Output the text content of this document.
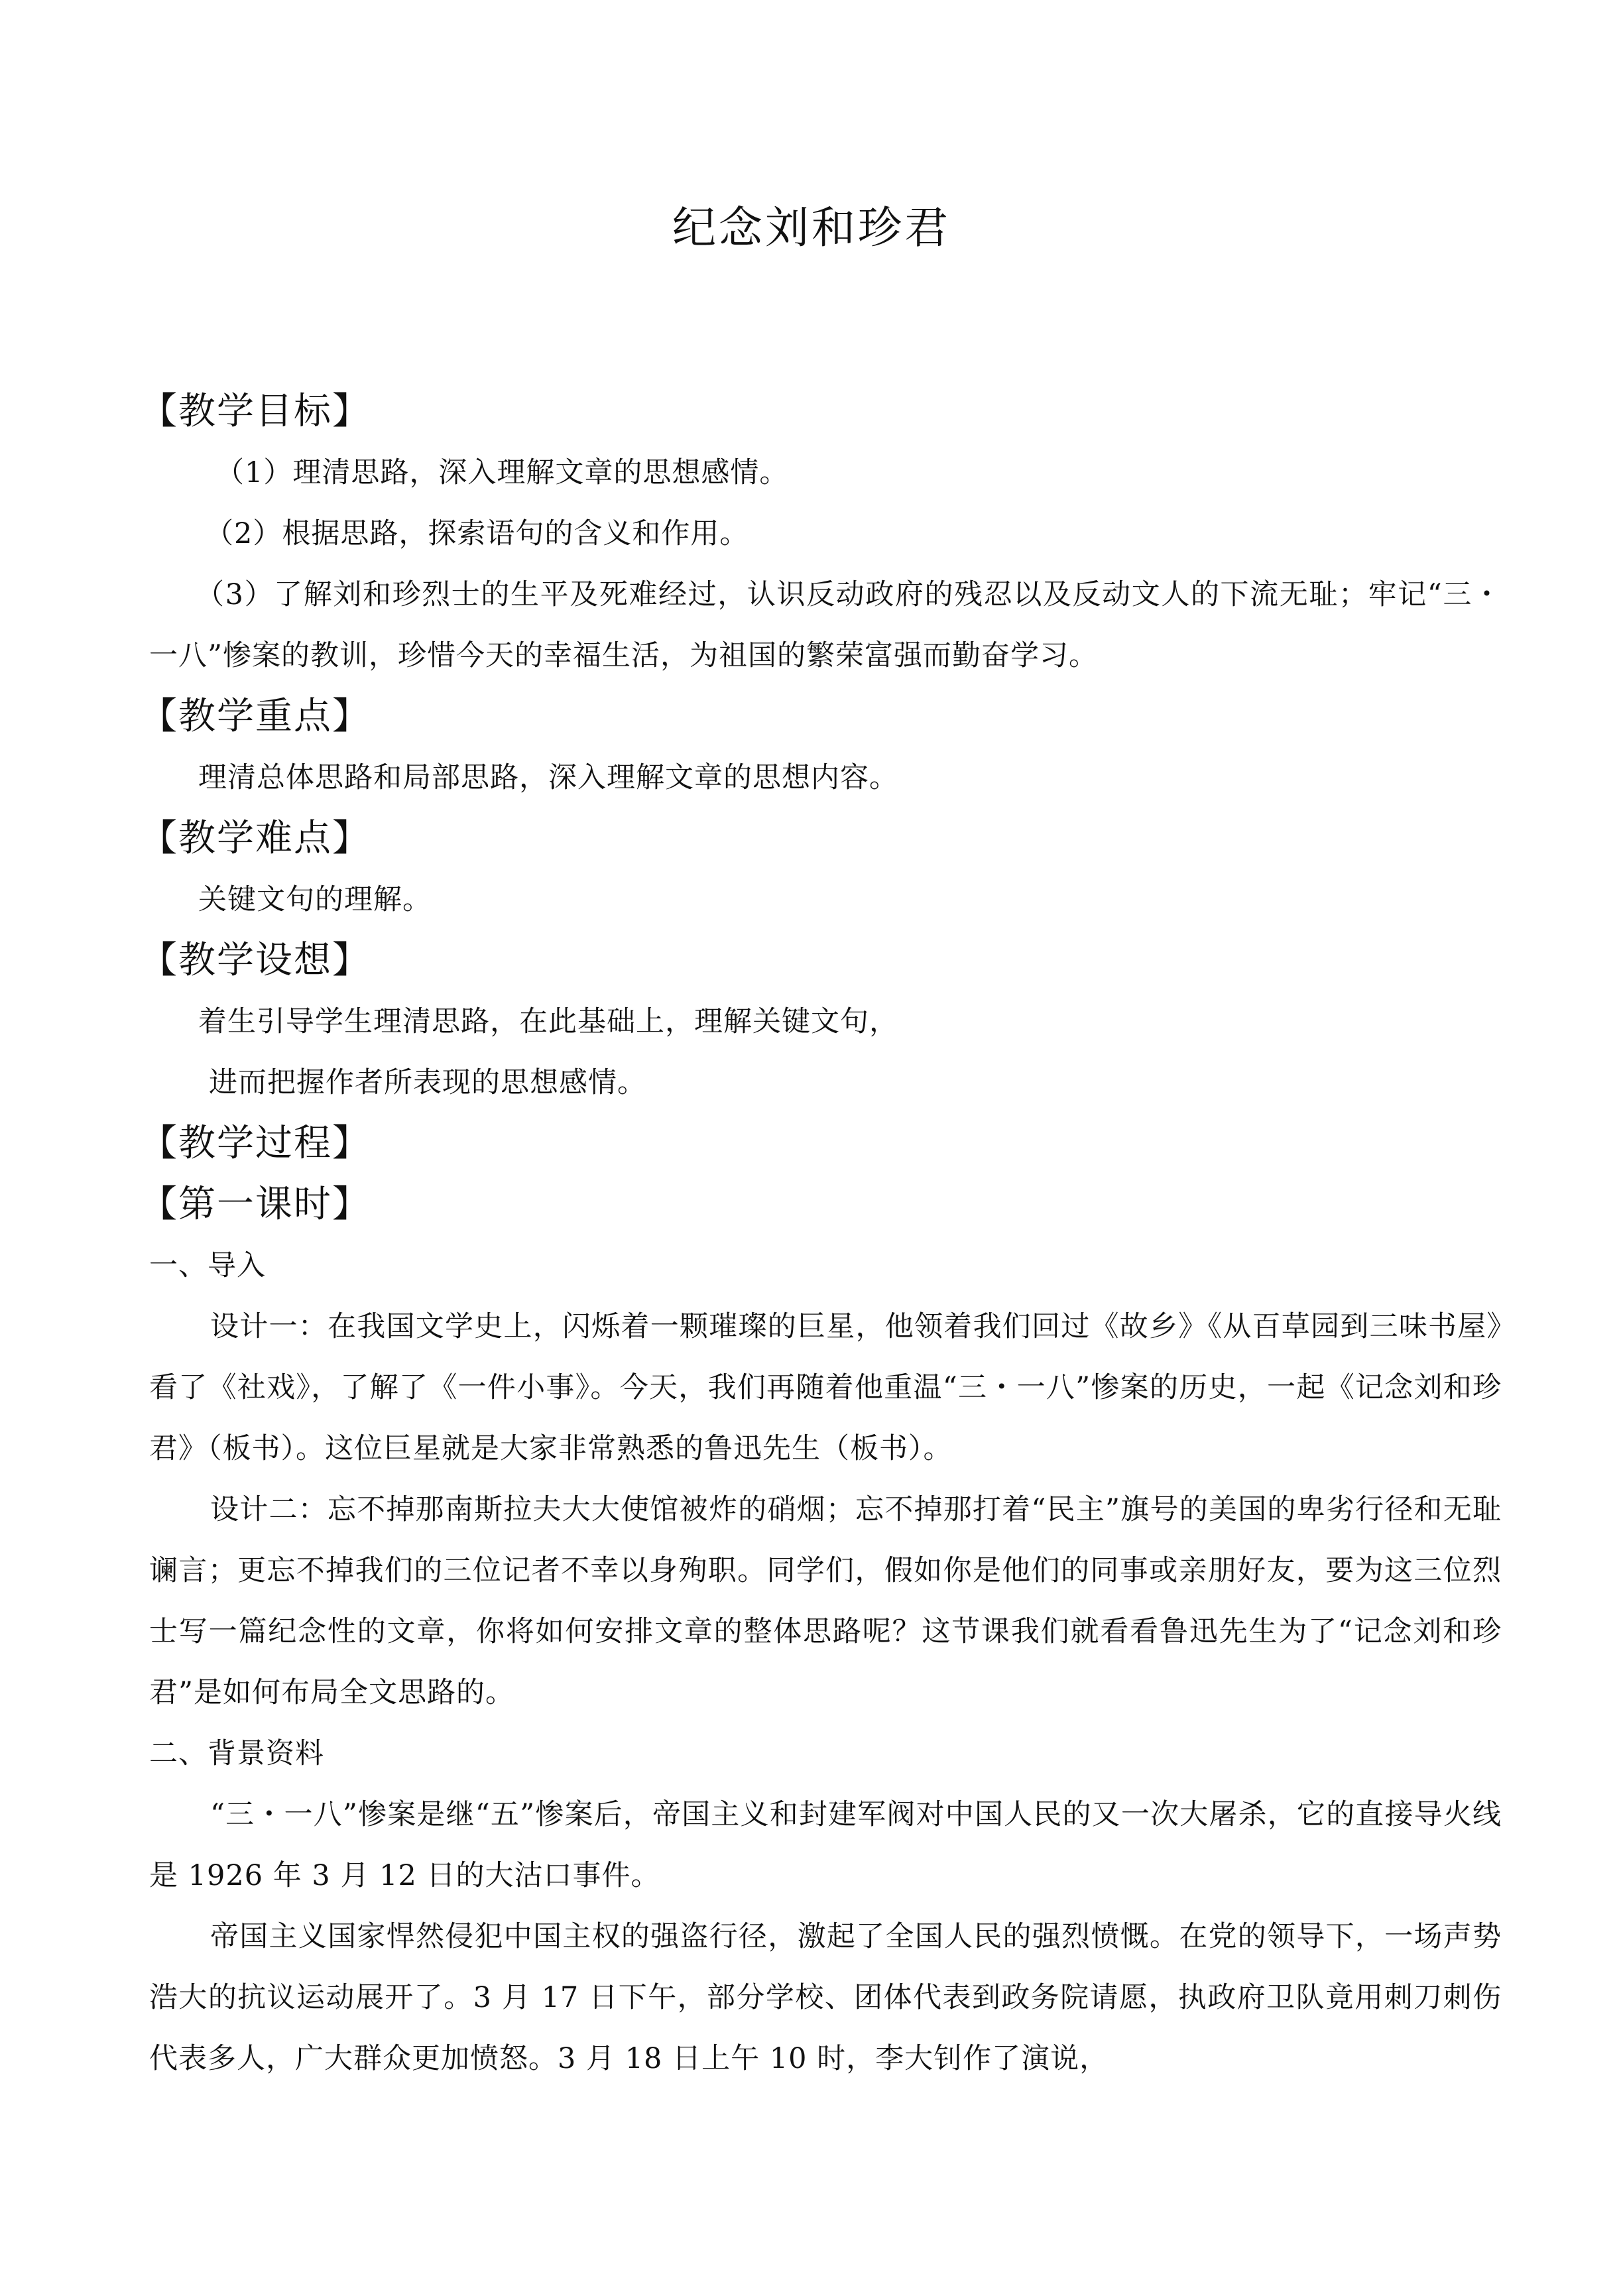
纪念刘和珍君
【教学目标】
（1）理清思路，深入理解文章的思想感情。
（2）根据思路，探索语句的含义和作用。
（3）了解刘和珍烈士的生平及死难经过，认识反动政府的残忍以及反动文人的下流无耻；牢记“三・一八”惨案的教训，珍惜今天的幸福生活，为祖国的繁荣富强而勤奋学习。
【教学重点】
理清总体思路和局部思路，深入理解文章的思想内容。
【教学难点】
关键文句的理解。
【教学设想】
着生引导学生理清思路，在此基础上，理解关键文句，
进而把握作者所表现的思想感情。
【教学过程】
【第一课时】
一、导入
设计一：在我国文学史上，闪烁着一颗璀璨的巨星，他领着我们回过《故乡》《从百草园到三味书屋》看了《社戏》，了解了《一件小事》。今天，我们再随着他重温“三・一八”惨案的历史，一起《记念刘和珍君》（板书）。这位巨星就是大家非常熟悉的鲁迅先生（板书）。
设计二：忘不掉那南斯拉夫大大使馆被炸的硝烟；忘不掉那打着“民主”旗号的美国的卑劣行径和无耻谰言；更忘不掉我们的三位记者不幸以身殉职。同学们，假如你是他们的同事或亲朋好友，要为这三位烈士写一篇纪念性的文章，你将如何安排文章的整体思路呢？这节课我们就看看鲁迅先生为了“记念刘和珍君”是如何布局全文思路的。
二、背景资料
“三・一八”惨案是继“五”惨案后，帝国主义和封建军阀对中国人民的又一次大屠杀，它的直接导火线是 1926 年 3 月 12 日的大沽口事件。
帝国主义国家悍然侵犯中国主权的强盗行径，激起了全国人民的强烈愤慨。在党的领导下，一场声势浩大的抗议运动展开了。3 月 17 日下午，部分学校、团体代表到政务院请愿，执政府卫队竟用刺刀刺伤代表多人，广大群众更加愤怒。3 月 18 日上午 10 时，李大钊作了演说，
